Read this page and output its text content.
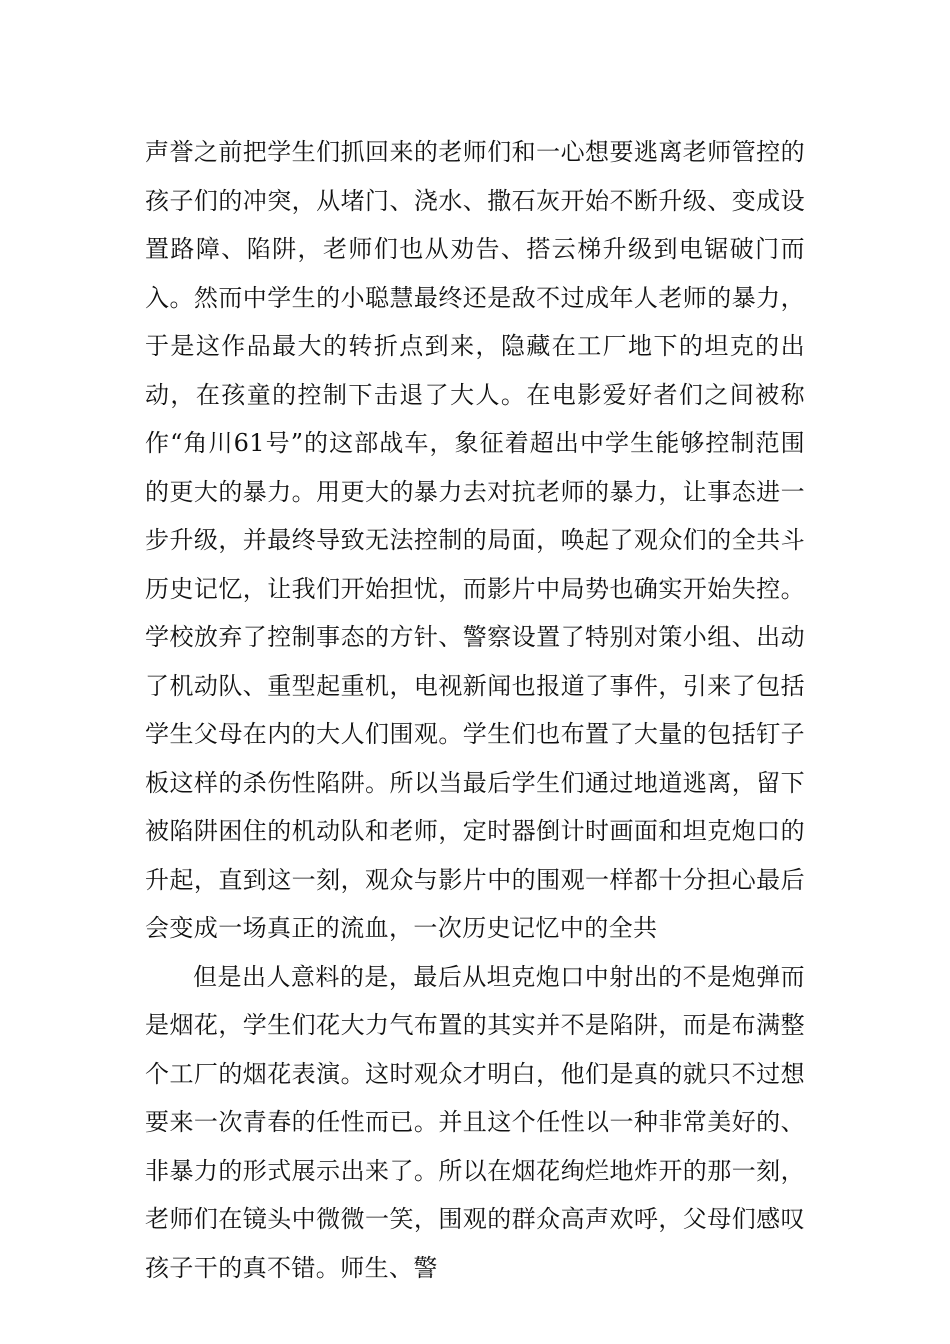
声誉之前把学生们抓回来的老师们和一心想要逃离老师管控的孩子们的冲突，从堵门、浇水、撒石灰开始不断升级、变成设置路障、陷阱，老师们也从劝告、搭云梯升级到电锯破门而入。然而中学生的小聪慧最终还是敌不过成年人老师的暴力，于是这作品最大的转折点到来，隐藏在工厂地下的坦克的出动，在孩童的控制下击退了大人。在电影爱好者们之间被称作“角川61号”的这部战车，象征着超出中学生能够控制范围的更大的暴力。用更大的暴力去对抗老师的暴力，让事态进一步升级，并最终导致无法控制的局面，唤起了观众们的全共斗历史记忆，让我们开始担忧，而影片中局势也确实开始失控。学校放弃了控制事态的方针、警察设置了特别对策小组、出动了机动队、重型起重机，电视新闻也报道了事件，引来了包括学生父母在内的大人们围观。学生们也布置了大量的包括钉子板这样的杀伤性陷阱。所以当最后学生们通过地道逃离，留下被陷阱困住的机动队和老师，定时器倒计时画面和坦克炮口的升起，直到这一刻，观众与影片中的围观一样都十分担心最后会变成一场真正的流血，一次历史记忆中的全共

但是出人意料的是，最后从坦克炮口中射出的不是炮弹而是烟花，学生们花大力气布置的其实并不是陷阱，而是布满整个工厂的烟花表演。这时观众才明白，他们是真的就只不过想要来一次青春的任性而已。并且这个任性以一种非常美好的、非暴力的形式展示出来了。所以在烟花绚烂地炸开的那一刻，老师们在镜头中微微一笑，围观的群众高声欢呼，父母们感叹孩子干的真不错。师生、警
